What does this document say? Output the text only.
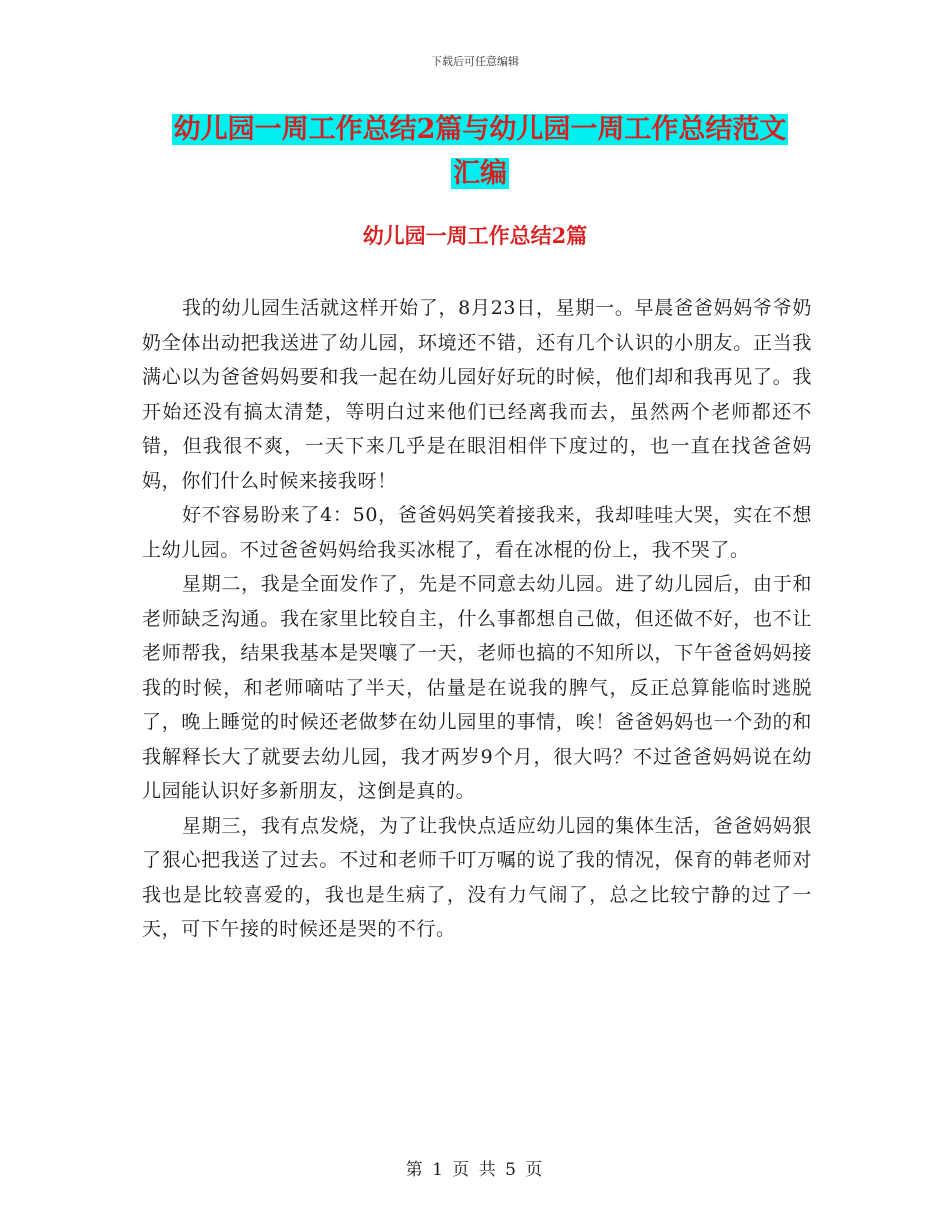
下载后可任意编辑
幼儿园一周工作总结2篇与幼儿园一周工作总结范文
汇编
幼儿园一周工作总结2篇

我的幼儿园生活就这样开始了，8月23日，星期一。早晨爸爸妈妈爷爷奶奶全体出动把我送进了幼儿园，环境还不错，还有几个认识的小朋友。正当我满心以为爸爸妈妈要和我一起在幼儿园好好玩的时候，他们却和我再见了。我开始还没有搞太清楚，等明白过来他们已经离我而去，虽然两个老师都还不错，但我很不爽，一天下来几乎是在眼泪相伴下度过的，也一直在找爸爸妈妈，你们什么时候来接我呀！

好不容易盼来了4：50，爸爸妈妈笑着接我来，我却哇哇大哭，实在不想上幼儿园。不过爸爸妈妈给我买冰棍了，看在冰棍的份上，我不哭了。

星期二，我是全面发作了，先是不同意去幼儿园。进了幼儿园后，由于和老师缺乏沟通。我在家里比较自主，什么事都想自己做，但还做不好，也不让老师帮我，结果我基本是哭嚷了一天，老师也搞的不知所以，下午爸爸妈妈接我的时候，和老师嘀咕了半天，估量是在说我的脾气，反正总算能临时逃脱了，晚上睡觉的时候还老做梦在幼儿园里的事情，唉！爸爸妈妈也一个劲的和我解释长大了就要去幼儿园，我才两岁9个月，很大吗？不过爸爸妈妈说在幼儿园能认识好多新朋友，这倒是真的。

星期三，我有点发烧，为了让我快点适应幼儿园的集体生活，爸爸妈妈狠了狠心把我送了过去。不过和老师千叮万嘱的说了我的情况，保育的韩老师对我也是比较喜爱的，我也是生病了，没有力气闹了，总之比较宁静的过了一天，可下午接的时候还是哭的不行。

第 1 页 共 5 页
